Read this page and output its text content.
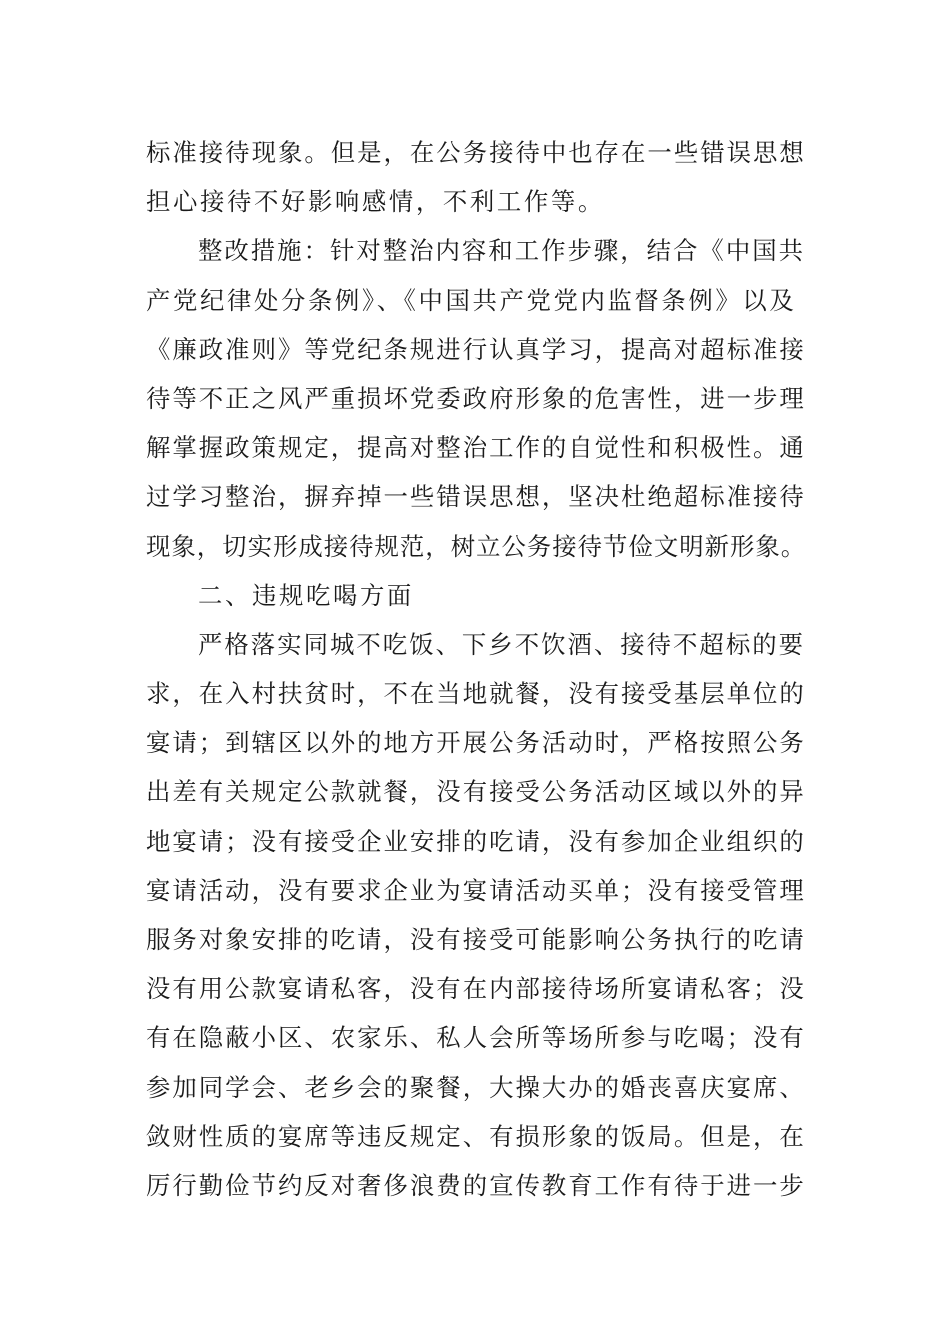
标准接待现象。但是，在公务接待中也存在一些错误思想
担心接待不好影响感情，不利工作等。
整改措施：针对整治内容和工作步骤，结合《中国共
产党纪律处分条例》、《中国共产党党内监督条例》以及
《廉政准则》等党纪条规进行认真学习，提高对超标准接
待等不正之风严重损坏党委政府形象的危害性，进一步理
解掌握政策规定，提高对整治工作的自觉性和积极性。通
过学习整治，摒弃掉一些错误思想，坚决杜绝超标准接待
现象，切实形成接待规范，树立公务接待节俭文明新形象。
二、违规吃喝方面
严格落实同城不吃饭、下乡不饮酒、接待不超标的要
求，在入村扶贫时，不在当地就餐，没有接受基层单位的
宴请；到辖区以外的地方开展公务活动时，严格按照公务
出差有关规定公款就餐，没有接受公务活动区域以外的异
地宴请；没有接受企业安排的吃请，没有参加企业组织的
宴请活动，没有要求企业为宴请活动买单；没有接受管理
服务对象安排的吃请，没有接受可能影响公务执行的吃请
没有用公款宴请私客，没有在内部接待场所宴请私客；没
有在隐蔽小区、农家乐、私人会所等场所参与吃喝；没有
参加同学会、老乡会的聚餐，大操大办的婚丧喜庆宴席、
敛财性质的宴席等违反规定、有损形象的饭局。但是，在
厉行勤俭节约反对奢侈浪费的宣传教育工作有待于进一步
